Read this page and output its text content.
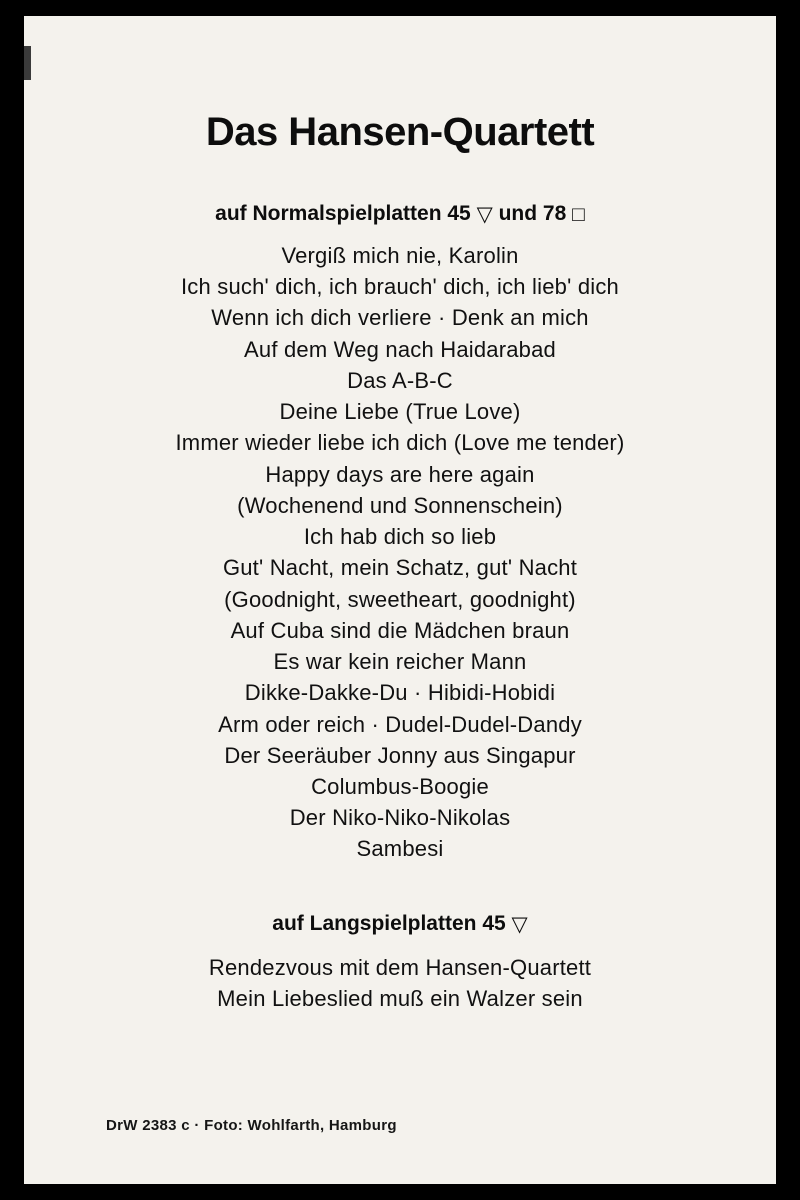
Das Hansen-Quartett

auf Normalspielplatten 45 ▽ und 78 □

Vergiß mich nie, Karolin
Ich such' dich, ich brauch' dich, ich lieb' dich
Wenn ich dich verliere · Denk an mich
Auf dem Weg nach Haidarabad
Das A-B-C
Deine Liebe (True Love)
Immer wieder liebe ich dich (Love me tender)
Happy days are here again
(Wochenend und Sonnenschein)
Ich hab dich so lieb
Gut' Nacht, mein Schatz, gut' Nacht
(Goodnight, sweetheart, goodnight)
Auf Cuba sind die Mädchen braun
Es war kein reicher Mann
Dikke-Dakke-Du · Hibidi-Hobidi
Arm oder reich · Dudel-Dudel-Dandy
Der Seeräuber Jonny aus Singapur
Columbus-Boogie
Der Niko-Niko-Nikolas
Sambesi

auf Langspielplatten 45 ▽

Rendezvous mit dem Hansen-Quartett
Mein Liebeslied muß ein Walzer sein
DrW 2383 c · Foto: Wohlfarth, Hamburg
